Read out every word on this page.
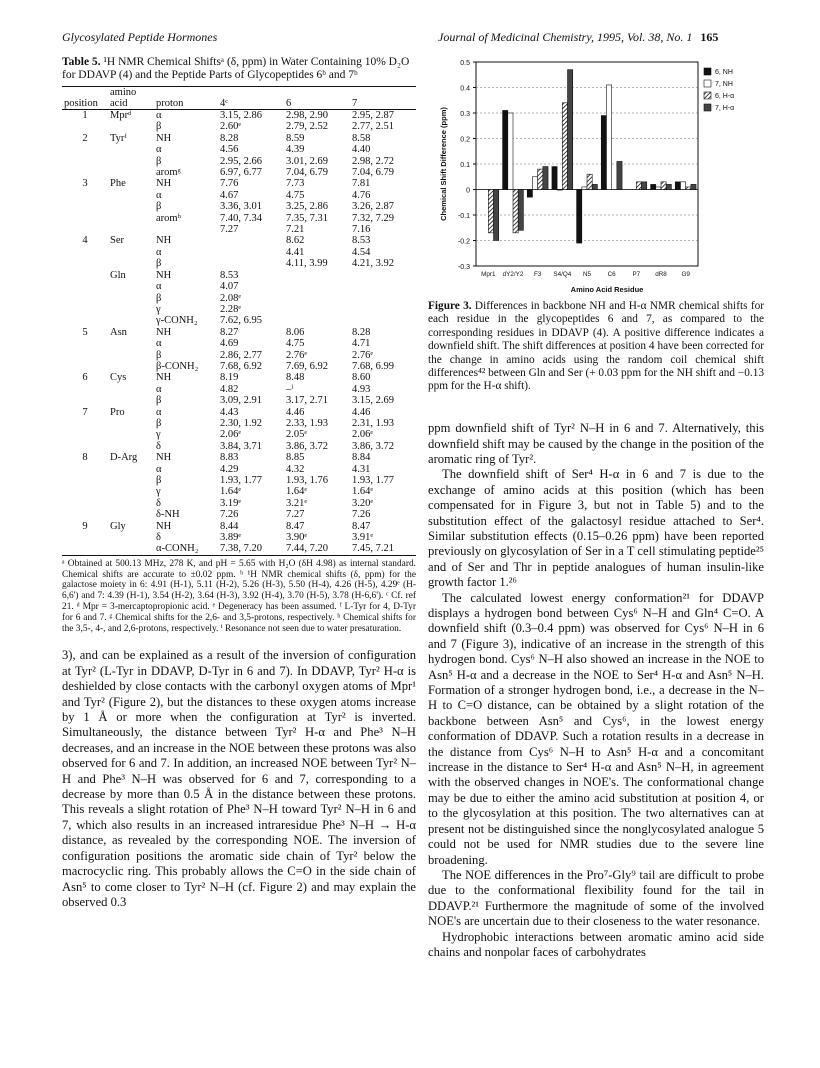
Glycosylated Peptide Hormones	Journal of Medicinal Chemistry, 1995, Vol. 38, No. 1 165

Table 5. ¹H NMR Chemical Shiftsᵃ (δ, ppm) in Water Containing 10% D₂O for DDAVP (4) and the Peptide Parts of Glycopeptides 6ᵇ and 7ᵇ

	amino				
position	acid	proton	4ᶜ	6	7
1	Mprᵈ	α	3.15, 2.86	2.98, 2.90	2.95, 2.87
		β	2.60ᵉ	2.79, 2.52	2.77, 2.51
2	Tyrᶠ	NH	8.28	8.59	8.58
		α	4.56	4.39	4.40
		β	2.95, 2.66	3.01, 2.69	2.98, 2.72
		aromᵍ	6.97, 6.77	7.04, 6.79	7.04, 6.79
3	Phe	NH	7.76	7.73	7.81
		α	4.67	4.75	4.76
		β	3.36, 3.01	3.25, 2.86	3.26, 2.87
		aromʰ	7.40, 7.34	7.35, 7.31	7.32, 7.29
			7.27	7.21	7.16
4	Ser	NH		8.62	8.53
		α		4.41	4.54
		β		4.11, 3.99	4.21, 3.92
	Gln	NH	8.53		
		α	4.07		
		β	2.08ᵉ		
		γ	2.28ᵉ		
		γ-CONH₂	7.62, 6.95		
5	Asn	NH	8.27	8.06	8.28
		α	4.69	4.75	4.71
		β	2.86, 2.77	2.76ᵉ	2.76ᵉ
		β-CONH₂	7.68, 6.92	7.69, 6.92	7.68, 6.99
6	Cys	NH	8.19	8.48	8.60
		α	4.82	–ⁱ	4.93
		β	3.09, 2.91	3.17, 2.71	3.15, 2.69
7	Pro	α	4.43	4.46	4.46
		β	2.30, 1.92	2.33, 1.93	2.31, 1.93
		γ	2.06ᵉ	2.05ᵉ	2.06ᵉ
		δ	3.84, 3.71	3.86, 3.72	3.86, 3.72
8	D-Arg	NH	8.83	8.85	8.84
		α	4.29	4.32	4.31
		β	1.93, 1.77	1.93, 1.76	1.93, 1.77
		γ	1.64ᵉ	1.64ᵉ	1.64ᵉ
		δ	3.19ᵉ	3.21ᵉ	3.20ᵉ
		δ-NH	7.26	7.27	7.26
9	Gly	NH	8.44	8.47	8.47
		δ	3.89ᵉ	3.90ᵉ	3.91ᵉ
		α-CONH₂	7.38, 7.20	7.44, 7.20	7.45, 7.21
ᵃ Obtained at 500.13 MHz, 278 K, and pH = 5.65 with H₂O (δH 4.98) as internal standard. Chemical shifts are accurate to ±0.02 ppm. ᵇ ¹H NMR chemical shifts (δ, ppm) for the galactose moiety in 6: 4.91 (H-1), 5.11 (H-2), 5.26 (H-3), 5.50 (H-4), 4.26 (H-5), 4.29ᵉ (H-6,6') and 7: 4.39 (H-1), 3.54 (H-2), 3.64 (H-3), 3.92 (H-4), 3.70 (H-5), 3.78 (H-6,6'). ᶜ Cf. ref 21. ᵈ Mpr = 3-mercaptopropionic acid. ᵉ Degeneracy has been assumed. ᶠ L-Tyr for 4, D-Tyr for 6 and 7. ᵍ Chemical shifts for the 2,6- and 3,5-protons, respectively. ʰ Chemical shifts for the 3,5-, 4-, and 2,6-protons, respectively. ⁱ Resonance not seen due to water presaturation.

3), and can be explained as a result of the inversion of configuration at Tyr² (L-Tyr in DDAVP, D-Tyr in 6 and 7). In DDAVP, Tyr² H-α is deshielded by close contacts with the carbonyl oxygen atoms of Mpr¹ and Tyr² (Figure 2), but the distances to these oxygen atoms increase by 1 Å or more when the configuration at Tyr² is inverted. Simultaneously, the distance between Tyr² H-α and Phe³ N–H decreases, and an increase in the NOE between these protons was also observed for 6 and 7. In addition, an increased NOE between Tyr² N–H and Phe³ N–H was observed for 6 and 7, corresponding to a decrease by more than 0.5 Å in the distance between these protons. This reveals a slight rotation of Phe³ N–H toward Tyr² N–H in 6 and 7, which also results in an increased intraresidue Phe³ N–H → H-α distance, as revealed by the corresponding NOE. The inversion of configuration positions the aromatic side chain of Tyr² below the macrocyclic ring. This probably allows the C=O in the side chain of Asn⁵ to come closer to Tyr² N–H (cf. Figure 2) and may explain the observed 0.3

0.5
0.4
0.3
0.2
0.1
0
-0.1
-0.2
-0.3
Chemical Shift Difference (ppm)
Mpr1 dY2/Y2 F3 S4/Q4 N5	C6	P7 dR8 G9
Amino Acid Residue
6, NH
7, NH
6, H-α
7, H-α

Figure 3. Differences in backbone NH and H-α NMR chemical shifts for each residue in the glycopeptides 6 and 7, as compared to the corresponding residues in DDAVP (4). A positive difference indicates a downfield shift. The shift differences at position 4 have been corrected for the change in amino acids using the random coil chemical shift differences⁴² between Gln and Ser (+ 0.03 ppm for the NH shift and −0.13 ppm for the H-α shift).

ppm downfield shift of Tyr² N–H in 6 and 7. Alternatively, this downfield shift may be caused by the change in the position of the aromatic ring of Tyr².

The downfield shift of Ser⁴ H-α in 6 and 7 is due to the exchange of amino acids at this position (which has been compensated for in Figure 3, but not in Table 5) and to the substitution effect of the galactosyl residue attached to Ser⁴. Similar substitution effects (0.15–0.26 ppm) have been reported previously on glycosylation of Ser in a T cell stimulating peptide²⁵ and of Ser and Thr in peptide analogues of human insulin-like growth factor 1.²⁶

The calculated lowest energy conformation²¹ for DDAVP displays a hydrogen bond between Cys⁶ N–H and Gln⁴ C=O. A downfield shift (0.3–0.4 ppm) was observed for Cys⁶ N–H in 6 and 7 (Figure 3), indicative of an increase in the strength of this hydrogen bond. Cys⁶ N–H also showed an increase in the NOE to Asn⁵ H-α and a decrease in the NOE to Ser⁴ H-α and Asn⁵ N–H. Formation of a stronger hydrogen bond, i.e., a decrease in the N–H to C=O distance, can be obtained by a slight rotation of the backbone between Asn⁵ and Cys⁶, in the lowest energy conformation of DDAVP. Such a rotation results in a decrease in the distance from Cys⁶ N–H to Asn⁵ H-α and a concomitant increase in the distance to Ser⁴ H-α and Asn⁵ N–H, in agreement with the observed changes in NOE's. The conformational change may be due to either the amino acid substitution at position 4, or to the glycosylation at this position. The two alternatives can at present not be distinguished since the nonglycosylated analogue 5 could not be used for NMR studies due to the severe line broadening.

The NOE differences in the Pro⁷-Gly⁹ tail are difficult to probe due to the conformational flexibility found for the tail in DDAVP.²¹ Furthermore the magnitude of some of the involved NOE's are uncertain due to their closeness to the water resonance.

Hydrophobic interactions between aromatic amino acid side chains and nonpolar faces of carbohydrates
